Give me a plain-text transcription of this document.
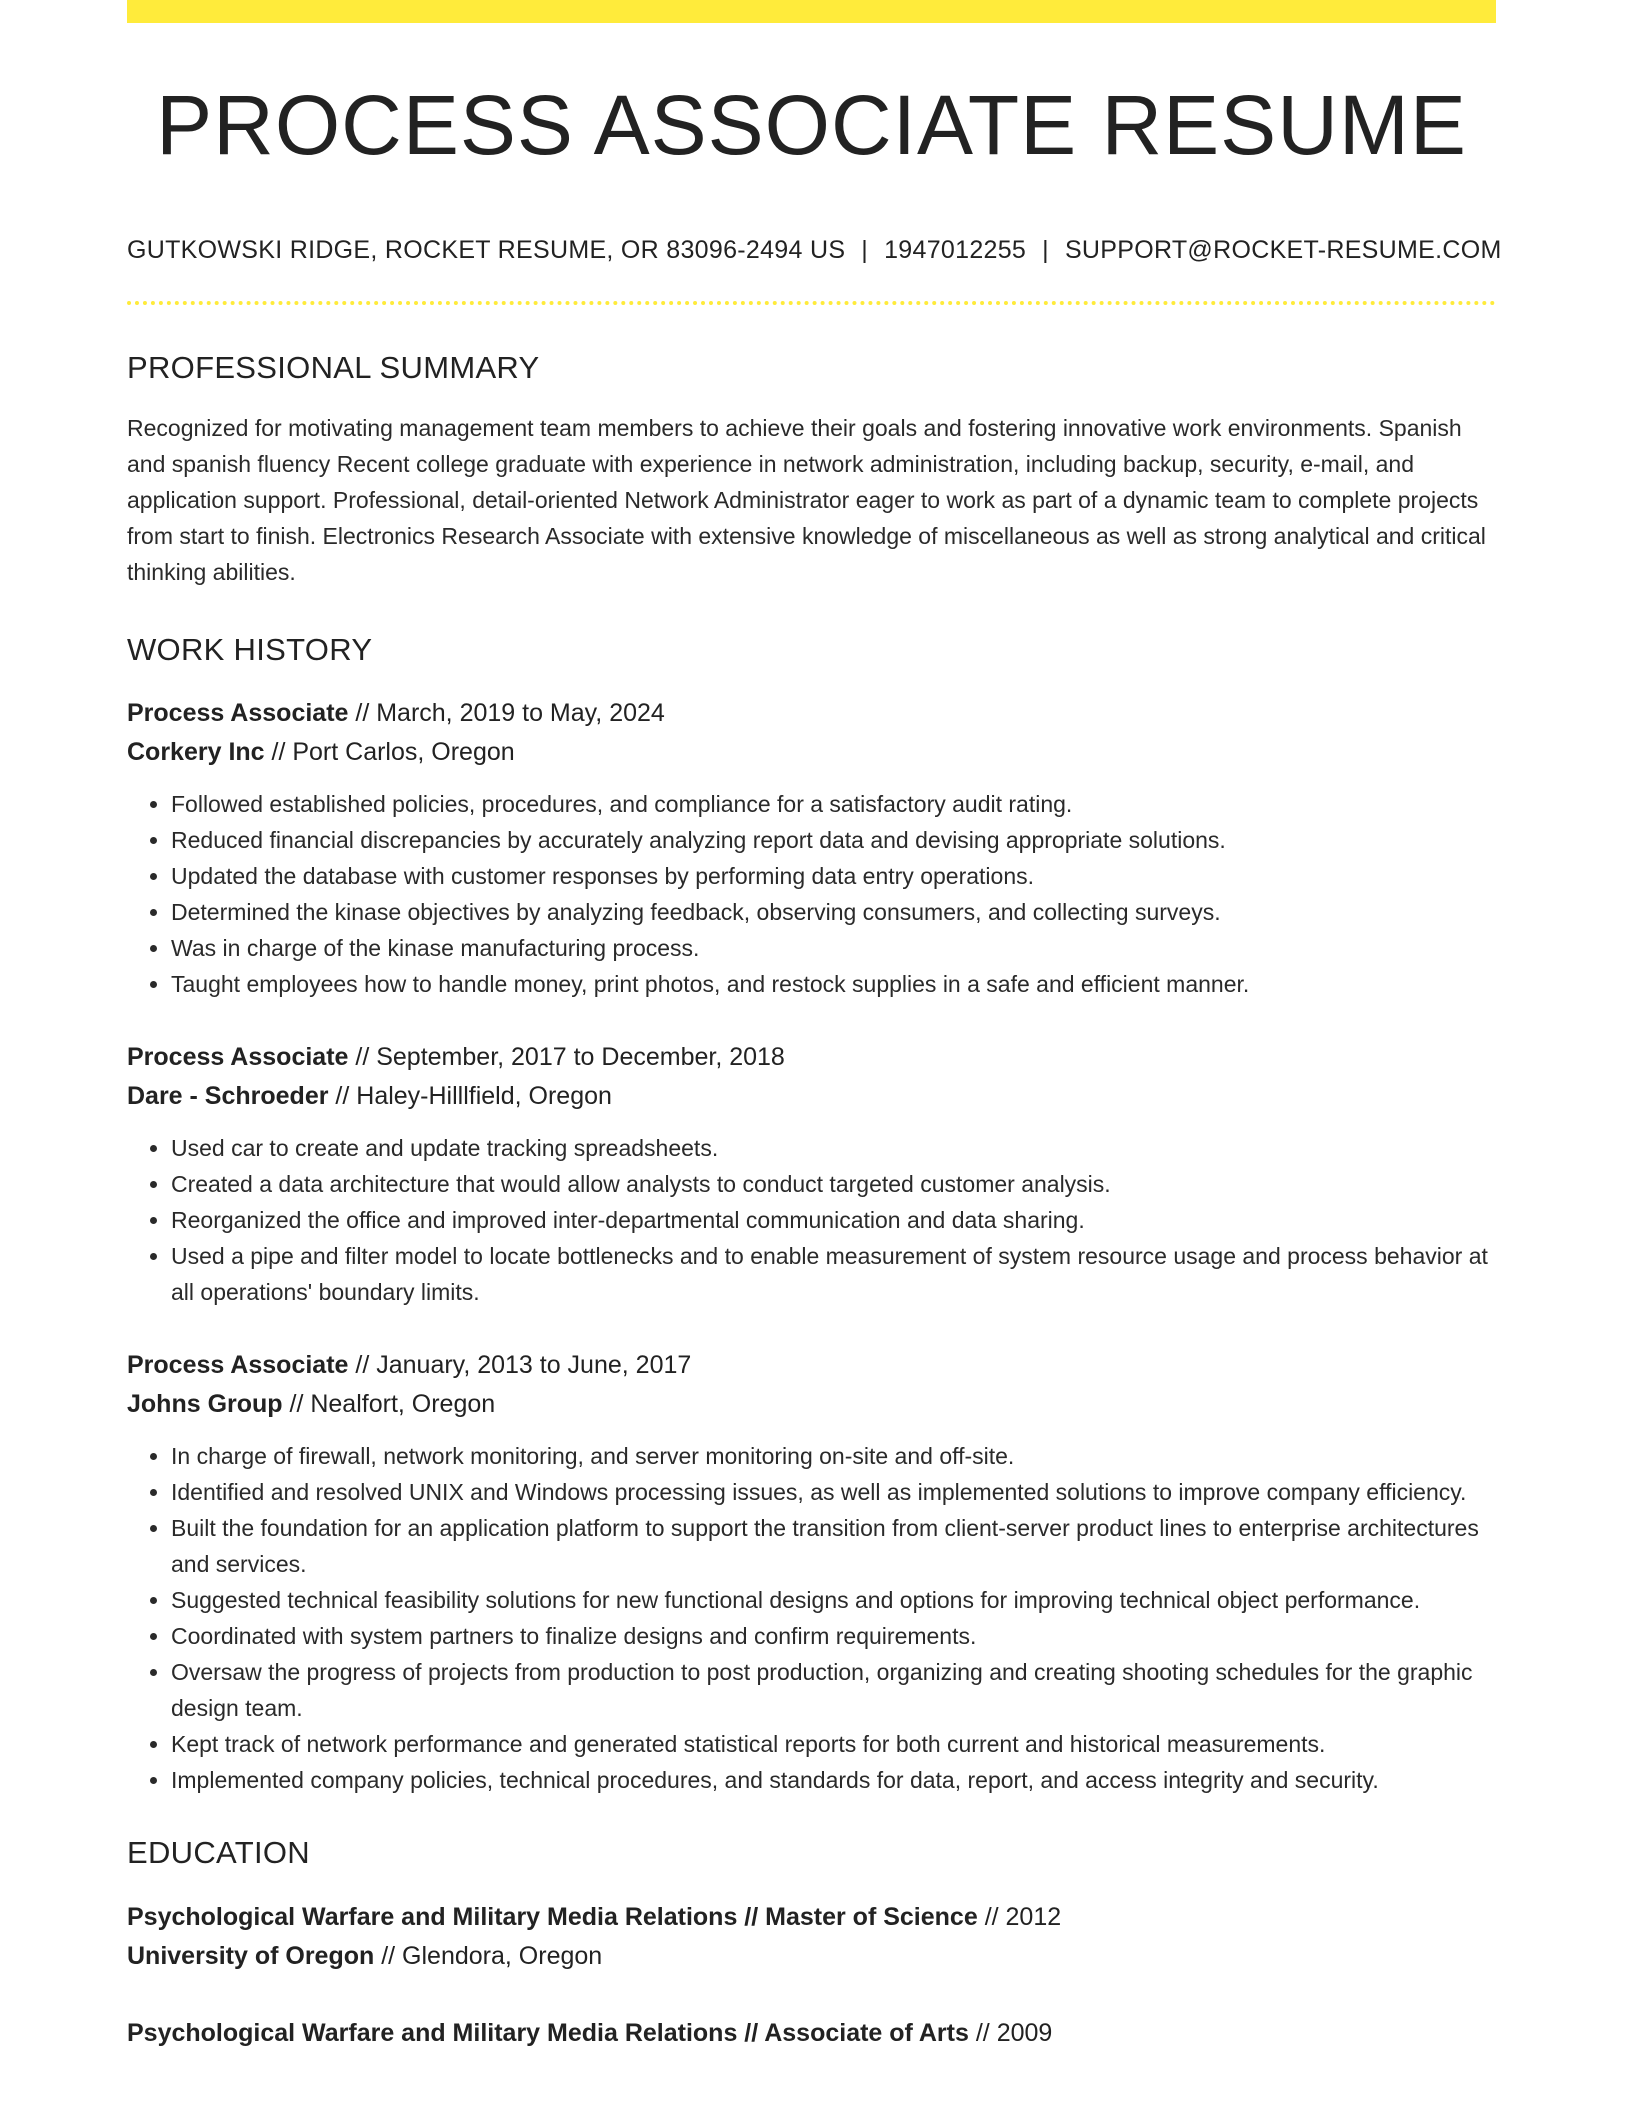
PROCESS ASSOCIATE RESUME
GUTKOWSKI RIDGE, ROCKET RESUME, OR 83096-2494 US | 1947012255 | SUPPORT@ROCKET-RESUME.COM
PROFESSIONAL SUMMARY

Recognized for motivating management team members to achieve their goals and fostering innovative work environments. Spanish and spanish fluency Recent college graduate with experience in network administration, including backup, security, e-mail, and application support. Professional, detail-oriented Network Administrator eager to work as part of a dynamic team to complete projects from start to finish. Electronics Research Associate with extensive knowledge of miscellaneous as well as strong analytical and critical thinking abilities.

WORK HISTORY
Process Associate // March, 2019 to May, 2024
Corkery Inc // Port Carlos, Oregon
• Followed established policies, procedures, and compliance for a satisfactory audit rating.
• Reduced financial discrepancies by accurately analyzing report data and devising appropriate solutions.
• Updated the database with customer responses by performing data entry operations.
• Determined the kinase objectives by analyzing feedback, observing consumers, and collecting surveys.
• Was in charge of the kinase manufacturing process.
• Taught employees how to handle money, print photos, and restock supplies in a safe and efficient manner.
Process Associate // September, 2017 to December, 2018
Dare - Schroeder // Haley-Hilllfield, Oregon
• Used car to create and update tracking spreadsheets.
• Created a data architecture that would allow analysts to conduct targeted customer analysis.
• Reorganized the office and improved inter-departmental communication and data sharing.
• Used a pipe and filter model to locate bottlenecks and to enable measurement of system resource usage and process behavior at all operations' boundary limits.
Process Associate // January, 2013 to June, 2017
Johns Group // Nealfort, Oregon
• In charge of firewall, network monitoring, and server monitoring on-site and off-site.
• Identified and resolved UNIX and Windows processing issues, as well as implemented solutions to improve company efficiency.
• Built the foundation for an application platform to support the transition from client-server product lines to enterprise architectures and services.
• Suggested technical feasibility solutions for new functional designs and options for improving technical object performance.
• Coordinated with system partners to finalize designs and confirm requirements.
• Oversaw the progress of projects from production to post production, organizing and creating shooting schedules for the graphic design team.
• Kept track of network performance and generated statistical reports for both current and historical measurements.
• Implemented company policies, technical procedures, and standards for data, report, and access integrity and security.
EDUCATION
Psychological Warfare and Military Media Relations // Master of Science // 2012
University of Oregon // Glendora, Oregon
Psychological Warfare and Military Media Relations // Associate of Arts // 2009
